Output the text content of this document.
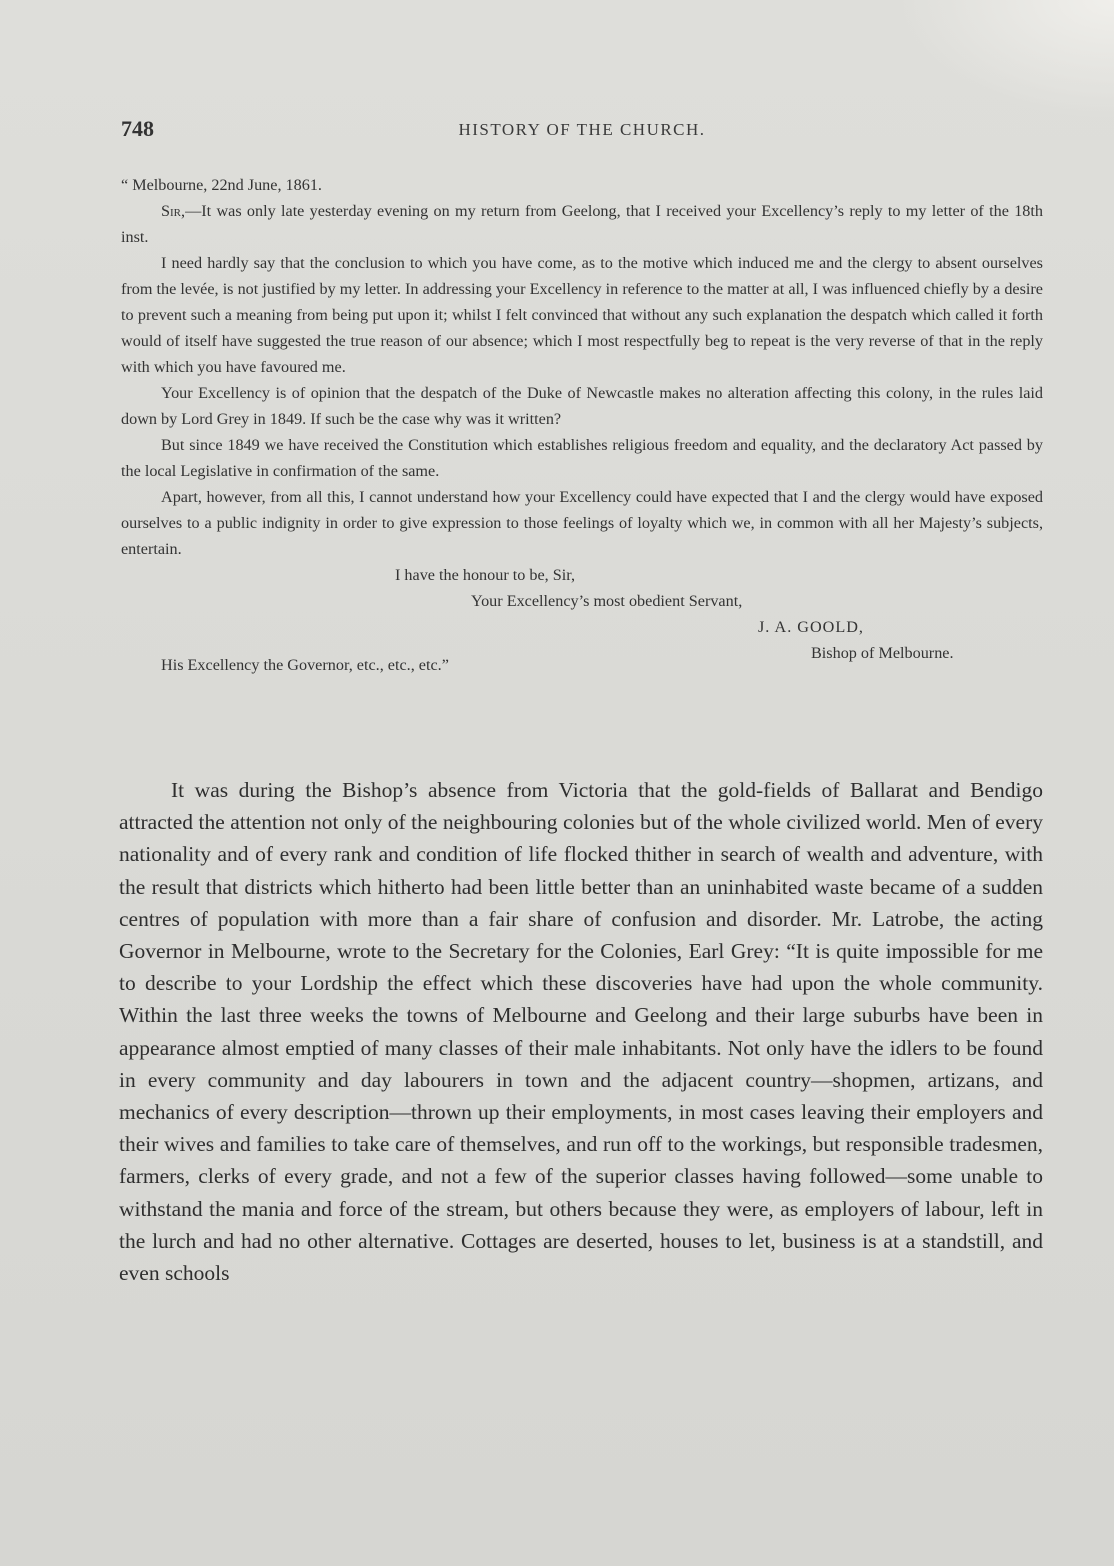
748	HISTORY OF THE CHURCH.

“ Melbourne, 22nd June, 1861.

Sir,—It was only late yesterday evening on my return from Geelong, that I received your Excellency’s reply to my letter of the 18th inst.

I need hardly say that the conclusion to which you have come, as to the motive which induced me and the clergy to absent ourselves from the levée, is not justified by my letter. In addressing your Excellency in reference to the matter at all, I was influenced chiefly by a desire to prevent such a meaning from being put upon it; whilst I felt convinced that without any such explanation the despatch which called it forth would of itself have suggested the true reason of our absence; which I most respectfully beg to repeat is the very reverse of that in the reply with which you have favoured me.

Your Excellency is of opinion that the despatch of the Duke of Newcastle makes no alteration affecting this colony, in the rules laid down by Lord Grey in 1849. If such be the case why was it written?

But since 1849 we have received the Constitution which establishes religious freedom and equality, and the declaratory Act passed by the local Legislative in confirmation of the same.

Apart, however, from all this, I cannot understand how your Excellency could have expected that I and the clergy would have exposed ourselves to a public indignity in order to give expression to those feelings of loyalty which we, in common with all her Majesty’s subjects, entertain.

I have the honour to be, Sir,

Your Excellency’s most obedient Servant,

J. A. GOOLD,

His Excellency the Governor, etc., etc., etc.”
Bishop of Melbourne.

It was during the Bishop’s absence from Victoria that the gold-fields of Ballarat and Bendigo attracted the attention not only of the neighbouring colonies but of the whole civilized world. Men of every nationality and of every rank and condition of life flocked thither in search of wealth and adventure, with the result that districts which hitherto had been little better than an uninhabited waste became of a sudden centres of population with more than a fair share of confusion and disorder. Mr. Latrobe, the acting Governor in Melbourne, wrote to the Secretary for the Colonies, Earl Grey: “It is quite impossible for me to describe to your Lordship the effect which these discoveries have had upon the whole community. Within the last three weeks the towns of Melbourne and Geelong and their large suburbs have been in appearance almost emptied of many classes of their male inhabitants. Not only have the idlers to be found in every community and day labourers in town and the adjacent country—shopmen, artizans, and mechanics of every description—thrown up their employments, in most cases leaving their employers and their wives and families to take care of themselves, and run off to the workings, but responsible tradesmen, farmers, clerks of every grade, and not a few of the superior classes having followed—some unable to withstand the mania and force of the stream, but others because they were, as employers of labour, left in the lurch and had no other alternative. Cottages are deserted, houses to let, business is at a standstill, and even schools
